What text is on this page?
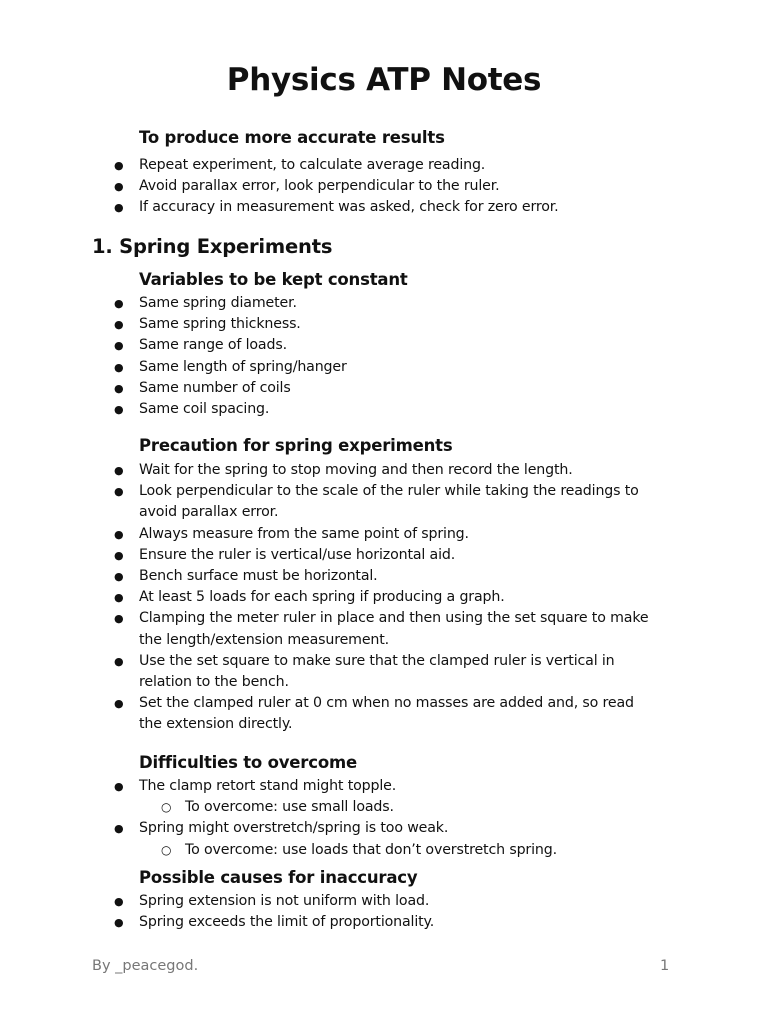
Physics ATP Notes
To produce more accurate results
●	Repeat experiment, to calculate average reading.
●	Avoid parallax error, look perpendicular to the ruler.
●	If accuracy in measurement was asked, check for zero error.
1. Spring Experiments
Variables to be kept constant
●	Same spring diameter.
●	Same spring thickness.
●	Same range of loads.
●	Same length of spring/hanger
●	Same number of coils
●	Same coil spacing.
Precaution for spring experiments
●	Wait for the spring to stop moving and then record the length.
●	Look perpendicular to the scale of the ruler while taking the readings to avoid parallax error.
●	Always measure from the same point of spring.
●	Ensure the ruler is vertical/use horizontal aid.
●	Bench surface must be horizontal.
●	At least 5 loads for each spring if producing a graph.
●	Clamping the meter ruler in place and then using the set square to make the length/extension measurement.
●	Use the set square to make sure that the clamped ruler is vertical in relation to the bench.
●	Set the clamped ruler at 0 cm when no masses are added and, so read the extension directly.
Difficulties to overcome
●	The clamp retort stand might topple.
○ To overcome: use small loads.
●	Spring might overstretch/spring is too weak.
○ To overcome: use loads that don’t overstretch spring.
Possible causes for inaccuracy
●	Spring extension is not uniform with load.
●	Spring exceeds the limit of proportionality.
By _peacegod.	1
